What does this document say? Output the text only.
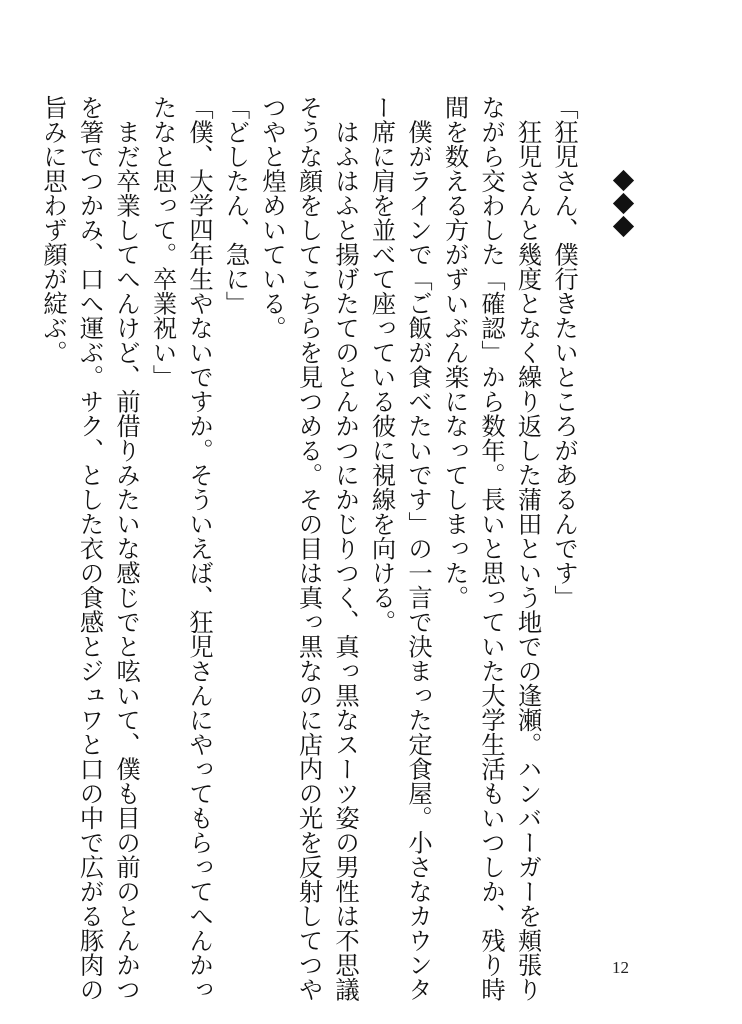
「狂児さん、僕行きたいところがあるんです」
　狂児さんと幾度となく繰り返した蒲田という地での逢瀬。ハンバーガーを頬張り
ながら交わした「確認」から数年。長いと思っていた大学生活もいつしか、残り時
間を数える方がずいぶん楽になってしまった。
　僕がラインで「ご飯が食べたいです」の一言で決まった定食屋。小さなカウンタ
ー席に肩を並べて座っている彼に視線を向ける。
　はふはふと揚げたてのとんかつにかじりつく、真っ黒なスーツ姿の男性は不思議
そうな顔をしてこちらを見つめる。その目は真っ黒なのに店内の光を反射してつや
つやと煌めいている。
「どしたん、急に」
「僕、大学四年生やないですか。そういえば、狂児さんにやってもらってへんかっ
たなと思って。卒業祝い」
　まだ卒業してへんけど、前借りみたいな感じでと呟いて、僕も目の前のとんかつ
を箸でつかみ、口へ運ぶ。サク、とした衣の食感とジュワと口の中で広がる豚肉の
旨みに思わず顔が綻ぶ。
12
